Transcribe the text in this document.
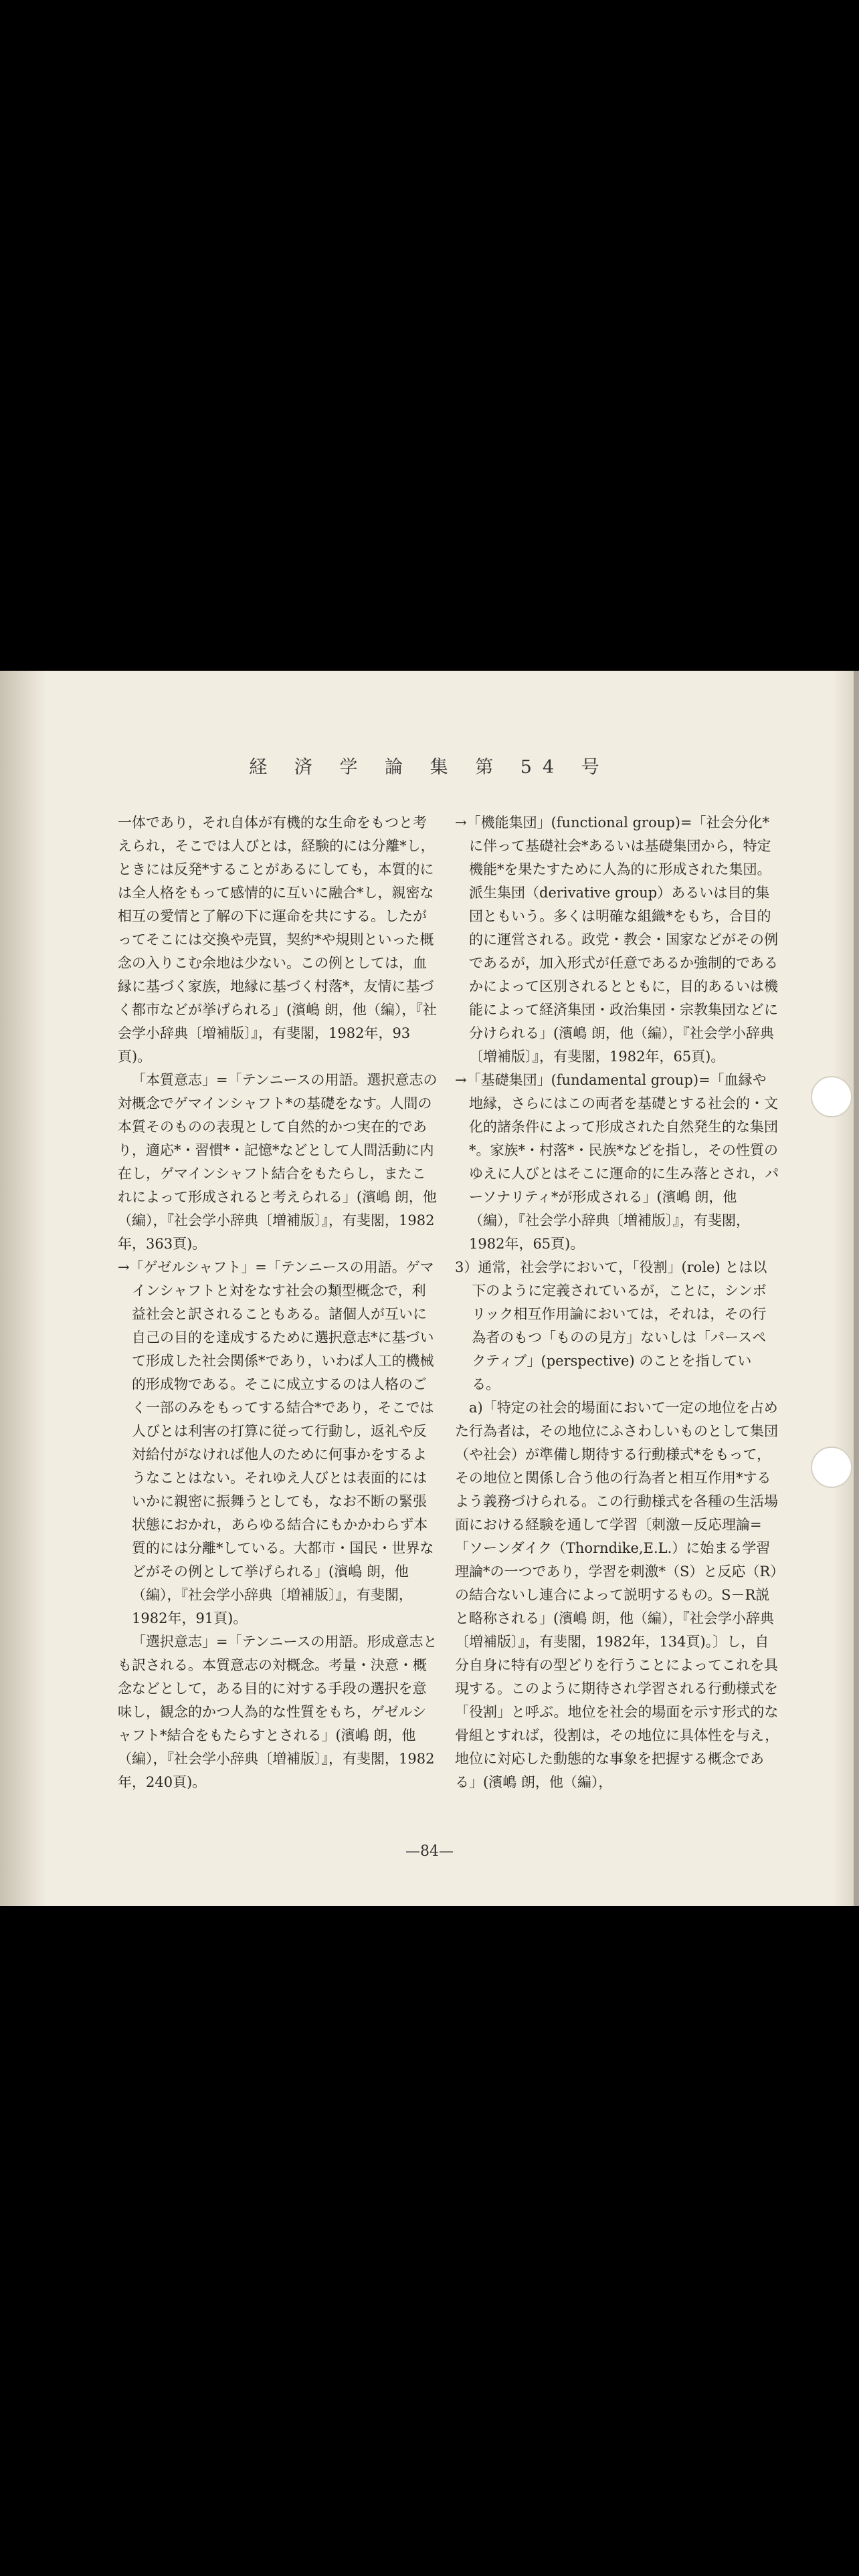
経 済 学 論 集 第 54 号

一体であり，それ自体が有機的な生命をもつと考えられ，そこでは人びとは，経験的には分離*し，ときには反発*することがあるにしても，本質的には全人格をもって感情的に互いに融合*し，親密な相互の愛情と了解の下に運命を共にする。したがってそこには交換や売買，契約*や規則といった概念の入りこむ余地は少ない。この例としては，血縁に基づく家族，地縁に基づく村落*，友情に基づく都市などが挙げられる」(濱嶋 朗，他（編），『社会学小辞典〔増補版〕』，有斐閣，1982年，93頁)。

「本質意志」=「テンニースの用語。選択意志の対概念でゲマインシャフト*の基礎をなす。人間の本質そのものの表現として自然的かつ実在的であり，適応*・習慣*・記憶*などとして人間活動に内在し，ゲマインシャフト結合をもたらし，またこれによって形成されると考えられる」(濱嶋 朗，他（編），『社会学小辞典〔増補版〕』，有斐閣，1982年，363頁)。

→「ゲゼルシャフト」=「テンニースの用語。ゲマインシャフトと対をなす社会の類型概念で，利益社会と訳されることもある。諸個人が互いに自己の目的を達成するために選択意志*に基づいて形成した社会関係*であり，いわば人工的機械的形成物である。そこに成立するのは人格のごく一部のみをもってする結合*であり，そこでは人びとは利害の打算に従って行動し，返礼や反対給付がなければ他人のために何事かをするようなことはない。それゆえ人びとは表面的にはいかに親密に振舞うとしても，なお不断の緊張状態におかれ，あらゆる結合にもかかわらず本質的には分離*している。大都市・国民・世界などがその例として挙げられる」(濱嶋 朗，他（編），『社会学小辞典〔増補版〕』，有斐閣，1982年，91頁)。

「選択意志」=「テンニースの用語。形成意志とも訳される。本質意志の対概念。考量・決意・概念などとして，ある目的に対する手段の選択を意味し，観念的かつ人為的な性質をもち，ゲゼルシャフト*結合をもたらすとされる」(濱嶋 朗，他（編），『社会学小辞典〔増補版〕』，有斐閣，1982年，240頁)。

→「機能集団」(functional group)=「社会分化*に伴って基礎社会*あるいは基礎集団から，特定機能*を果たすために人為的に形成された集団。派生集団（derivative group）あるいは目的集団ともいう。多くは明確な組織*をもち，合目的的に運営される。政党・教会・国家などがその例であるが，加入形式が任意であるか強制的であるかによって区別されるとともに，目的あるいは機能によって経済集団・政治集団・宗教集団などに分けられる」(濱嶋 朗，他（編），『社会学小辞典〔増補版〕』，有斐閣，1982年，65頁)。

→「基礎集団」(fundamental group)=「血縁や地縁，さらにはこの両者を基礎とする社会的・文化的諸条件によって形成された自然発生的な集団*。家族*・村落*・民族*などを指し，その性質のゆえに人びとはそこに運命的に生み落とされ，パーソナリティ*が形成される」(濱嶋 朗，他（編），『社会学小辞典〔増補版〕』，有斐閣，1982年，65頁)。

3）通常，社会学において，「役割」(role) とは以下のように定義されているが，ことに，シンボリック相互作用論においては，それは，その行為者のもつ「ものの見方」ないしは「パースペクティブ」(perspective) のことを指している。

a)「特定の社会的場面において一定の地位を占めた行為者は，その地位にふさわしいものとして集団（や社会）が準備し期待する行動様式*をもって，その地位と関係し合う他の行為者と相互作用*するよう義務づけられる。この行動様式を各種の生活場面における経験を通して学習〔刺激－反応理論=「ソーンダイク（Thorndike,E.L.）に始まる学習理論*の一つであり，学習を刺激*（S）と反応（R）の結合ないし連合によって説明するもの。S－R説と略称される」(濱嶋 朗，他（編），『社会学小辞典〔増補版〕』，有斐閣，1982年，134頁)。〕し，自分自身に特有の型どりを行うことによってこれを具現する。このように期待され学習される行動様式を「役割」と呼ぶ。地位を社会的場面を示す形式的な骨組とすれば，役割は，その地位に具体性を与え，地位に対応した動態的な事象を把握する概念である」(濱嶋 朗，他（編），

—84—
